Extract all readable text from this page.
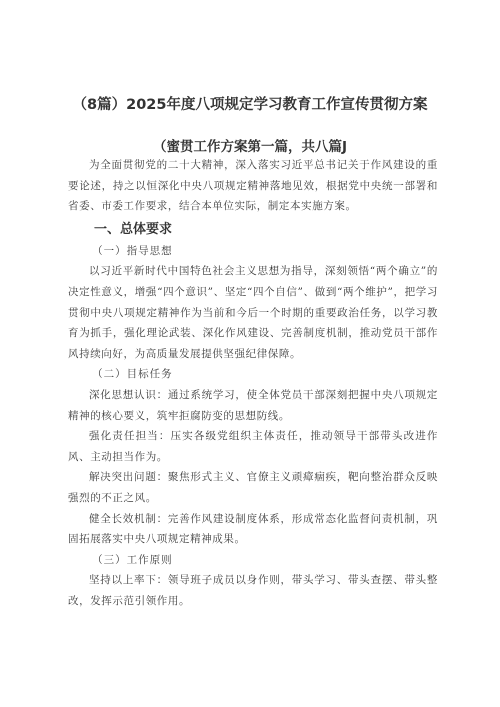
（8篇）2025年度八项规定学习教育工作宣传贯彻方案
（蜜贯工作方案第一篇，共八篇J

为全面贯彻党的二十大精神，深入落实习近平总书记关于作风建设的重要论述，持之以恒深化中央八项规定精神落地见效，根据党中央统一部署和省委、市委工作要求，结合本单位实际，制定本实施方案。

一、总体要求

（一）指导思想

以习近平新时代中国特色社会主义思想为指导，深刻领悟“两个确立”的决定性意义，增强“四个意识”、坚定“四个自信”、做到“两个维护”，把学习贯彻中央八项规定精神作为当前和今后一个时期的重要政治任务，以学习教育为抓手，强化理论武装、深化作风建设、完善制度机制，推动党员干部作风持续向好，为高质量发展提供坚强纪律保障。

（二）目标任务

深化思想认识：通过系统学习，使全体党员干部深刻把握中央八项规定精神的核心要义，筑牢拒腐防变的思想防线。

强化责任担当：压实各级党组织主体责任，推动领导干部带头改进作风、主动担当作为。

解决突出问题：聚焦形式主义、官僚主义顽瘴痼疾，靶向整治群众反映强烈的不正之风。

健全长效机制：完善作风建设制度体系，形成常态化监督问责机制，巩固拓展落实中央八项规定精神成果。

（三）工作原则

坚持以上率下：领导班子成员以身作则，带头学习、带头查摆、带头整改，发挥示范引领作用。
